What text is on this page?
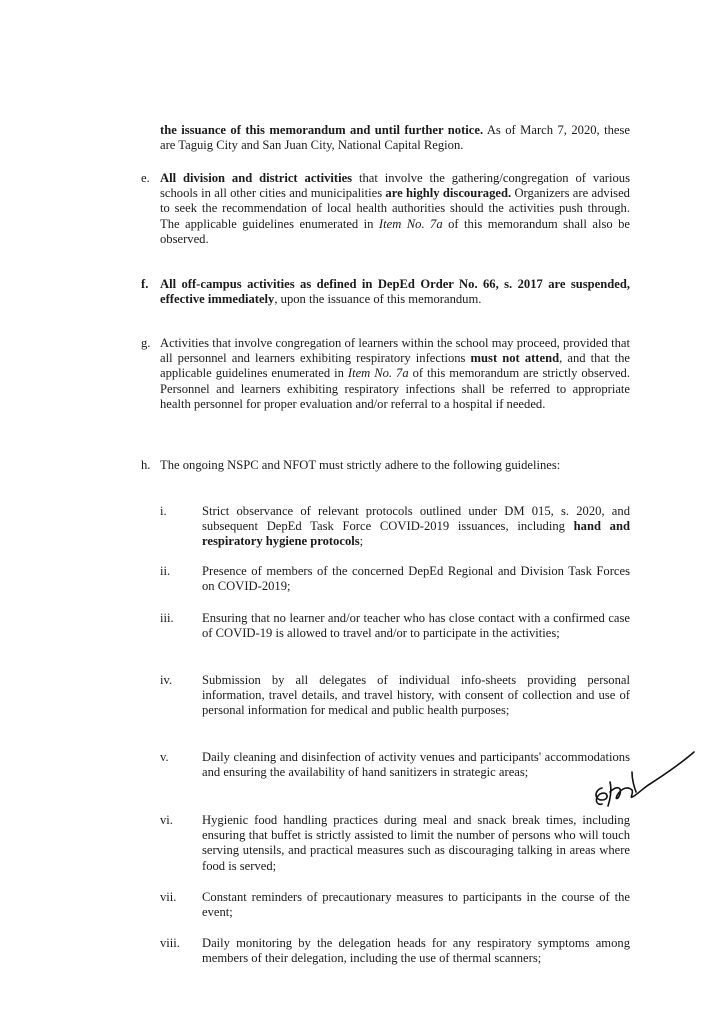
the issuance of this memorandum and until further notice. As of March 7, 2020, these are Taguig City and San Juan City, National Capital Region.
e. All division and district activities that involve the gathering/congregation of various schools in all other cities and municipalities are highly discouraged. Organizers are advised to seek the recommendation of local health authorities should the activities push through. The applicable guidelines enumerated in Item No. 7a of this memorandum shall also be observed.
f. All off-campus activities as defined in DepEd Order No. 66, s. 2017 are suspended, effective immediately, upon the issuance of this memorandum.
g. Activities that involve congregation of learners within the school may proceed, provided that all personnel and learners exhibiting respiratory infections must not attend, and that the applicable guidelines enumerated in Item No. 7a of this memorandum are strictly observed. Personnel and learners exhibiting respiratory infections shall be referred to appropriate health personnel for proper evaluation and/or referral to a hospital if needed.
h. The ongoing NSPC and NFOT must strictly adhere to the following guidelines:
i.	Strict observance of relevant protocols outlined under DM 015, s. 2020, and subsequent DepEd Task Force COVID-2019 issuances, including hand and respiratory hygiene protocols;
ii.	Presence of members of the concerned DepEd Regional and Division Task Forces on COVID-2019;
iii. Ensuring that no learner and/or teacher who has close contact with a confirmed case of COVID-19 is allowed to travel and/or to participate in the activities;
iv. Submission by all delegates of individual info-sheets providing personal information, travel details, and travel history, with consent of collection and use of personal information for medical and public health purposes;
v.	Daily cleaning and disinfection of activity venues and participants' accommodations and ensuring the availability of hand sanitizers in strategic areas;
vi. Hygienic food handling practices during meal and snack break times, including ensuring that buffet is strictly assisted to limit the number of persons who will touch serving utensils, and practical measures such as discouraging talking in areas where food is served;
vii. Constant reminders of precautionary measures to participants in the course of the event;
viii. Daily monitoring by the delegation heads for any respiratory symptoms among members of their delegation, including the use of thermal scanners;
